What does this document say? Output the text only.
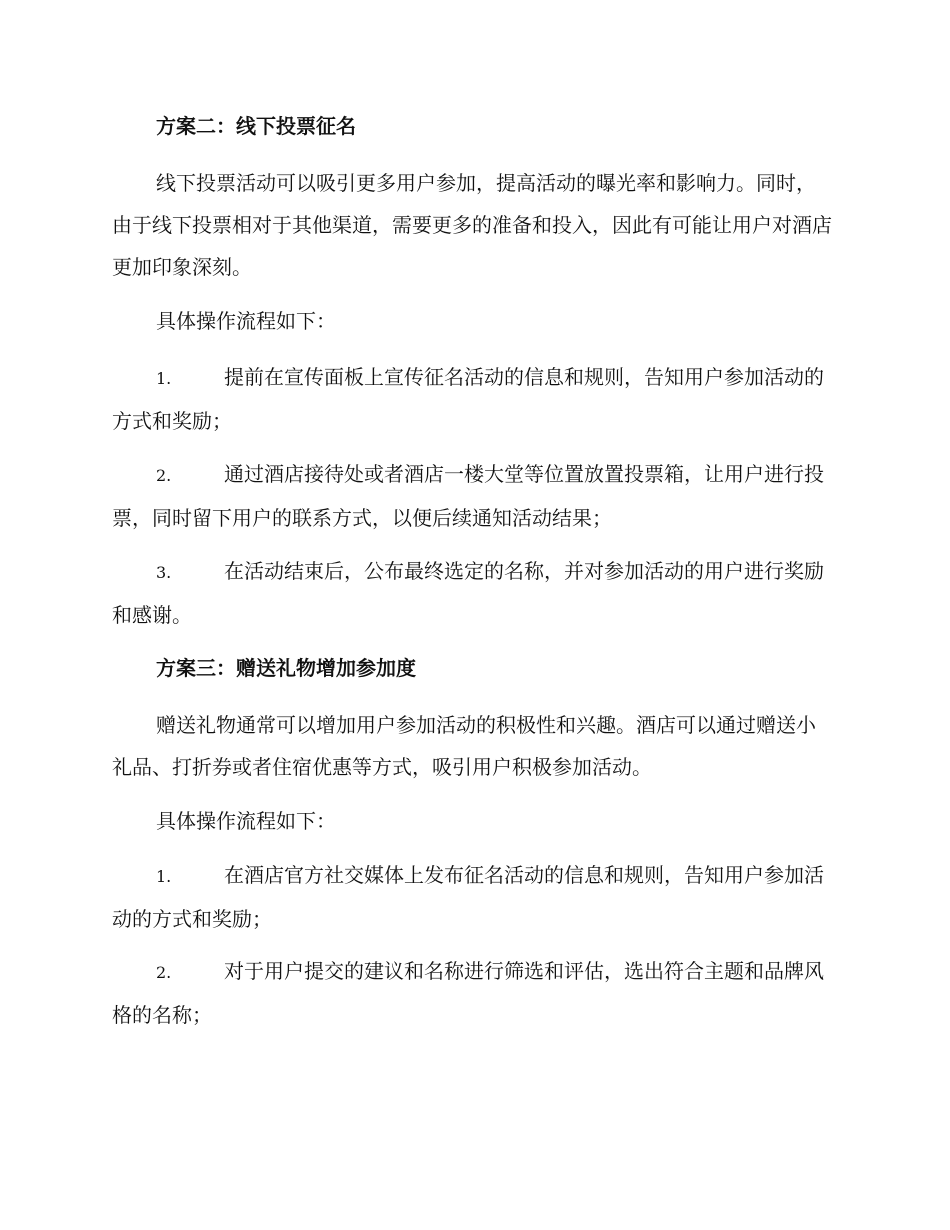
方案二：线下投票征名

线下投票活动可以吸引更多用户参加，提高活动的曝光率和影响力。同时，由于线下投票相对于其他渠道，需要更多的准备和投入，因此有可能让用户对酒店更加印象深刻。

具体操作流程如下：

1.	提前在宣传面板上宣传征名活动的信息和规则，告知用户参加活动的方式和奖励；

2.	通过酒店接待处或者酒店一楼大堂等位置放置投票箱，让用户进行投票，同时留下用户的联系方式，以便后续通知活动结果；

3.	在活动结束后，公布最终选定的名称，并对参加活动的用户进行奖励和感谢。

方案三：赠送礼物增加参加度

赠送礼物通常可以增加用户参加活动的积极性和兴趣。酒店可以通过赠送小礼品、打折券或者住宿优惠等方式，吸引用户积极参加活动。

具体操作流程如下：

1.	在酒店官方社交媒体上发布征名活动的信息和规则，告知用户参加活动的方式和奖励；

2.	对于用户提交的建议和名称进行筛选和评估，选出符合主题和品牌风格的名称；
